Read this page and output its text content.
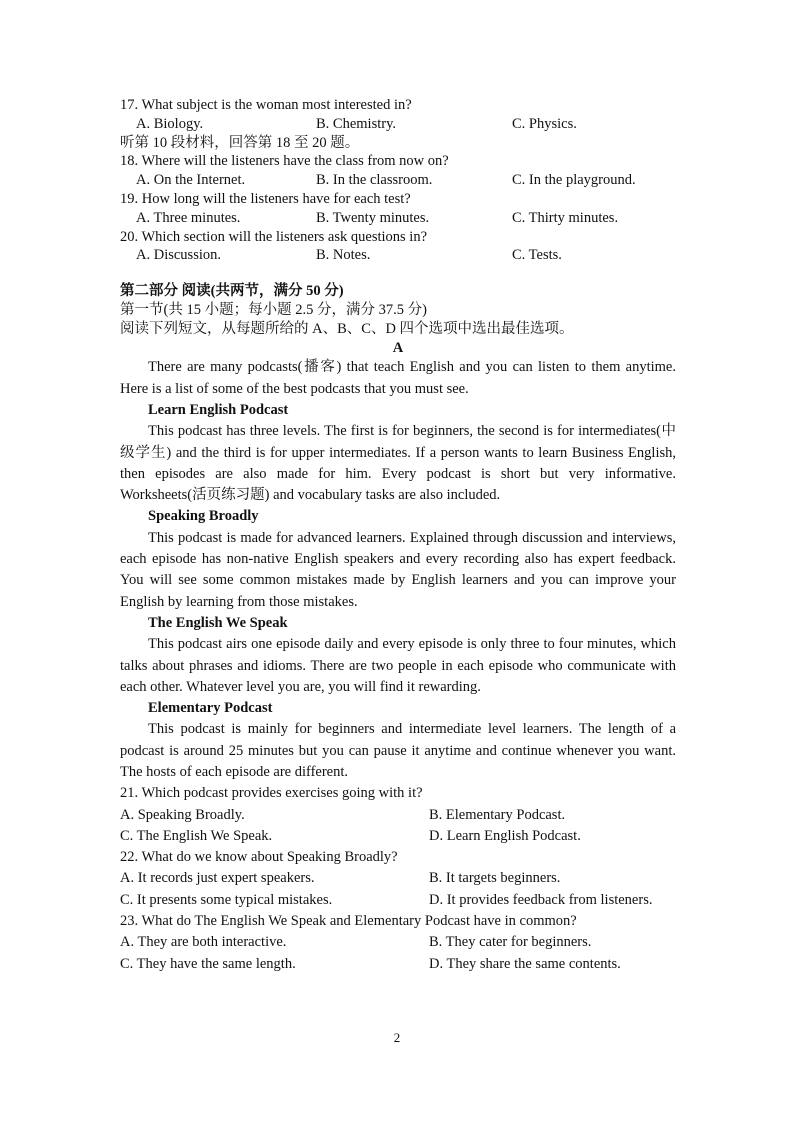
17. What subject is the woman most interested in?
A. Biology.	B. Chemistry.	C. Physics.
听第 10 段材料，回答第 18 至 20 题。
18. Where will the listeners have the class from now on?
A. On the Internet.	B. In the classroom.	C. In the playground.
19. How long will the listeners have for each test?
A. Three minutes.	B. Twenty minutes.	C. Thirty minutes.
20. Which section will the listeners ask questions in?
A. Discussion.	B. Notes.	C. Tests.
第二部分 阅读(共两节，满分 50 分)
第一节(共 15 小题；每小题 2.5 分，满分 37.5 分)
阅读下列短文，从每题所给的 A、B、C、D 四个选项中选出最佳选项。
A
There are many podcasts(播客) that teach English and you can listen to them anytime. Here is a list of some of the best podcasts that you must see.
Learn English Podcast
This podcast has three levels. The first is for beginners, the second is for intermediates(中级学生) and the third is for upper intermediates. If a person wants to learn Business English, then episodes are also made for him. Every podcast is short but very informative. Worksheets(活页练习题) and vocabulary tasks are also included.
Speaking Broadly
This podcast is made for advanced learners. Explained through discussion and interviews, each episode has non-native English speakers and every recording also has expert feedback. You will see some common mistakes made by English learners and you can improve your English by learning from those mistakes.
The English We Speak
This podcast airs one episode daily and every episode is only three to four minutes, which talks about phrases and idioms. There are two people in each episode who communicate with each other. Whatever level you are, you will find it rewarding.
Elementary Podcast
This podcast is mainly for beginners and intermediate level learners. The length of a podcast is around 25 minutes but you can pause it anytime and continue whenever you want. The hosts of each episode are different.
21. Which podcast provides exercises going with it?
A. Speaking Broadly.	B. Elementary Podcast.
C. The English We Speak.	D. Learn English Podcast.
22. What do we know about Speaking Broadly?
A. It records just expert speakers.	B. It targets beginners.
C. It presents some typical mistakes.	D. It provides feedback from listeners.
23. What do The English We Speak and Elementary Podcast have in common?
A. They are both interactive.	B. They cater for beginners.
C. They have the same length.	D. They share the same contents.
2
